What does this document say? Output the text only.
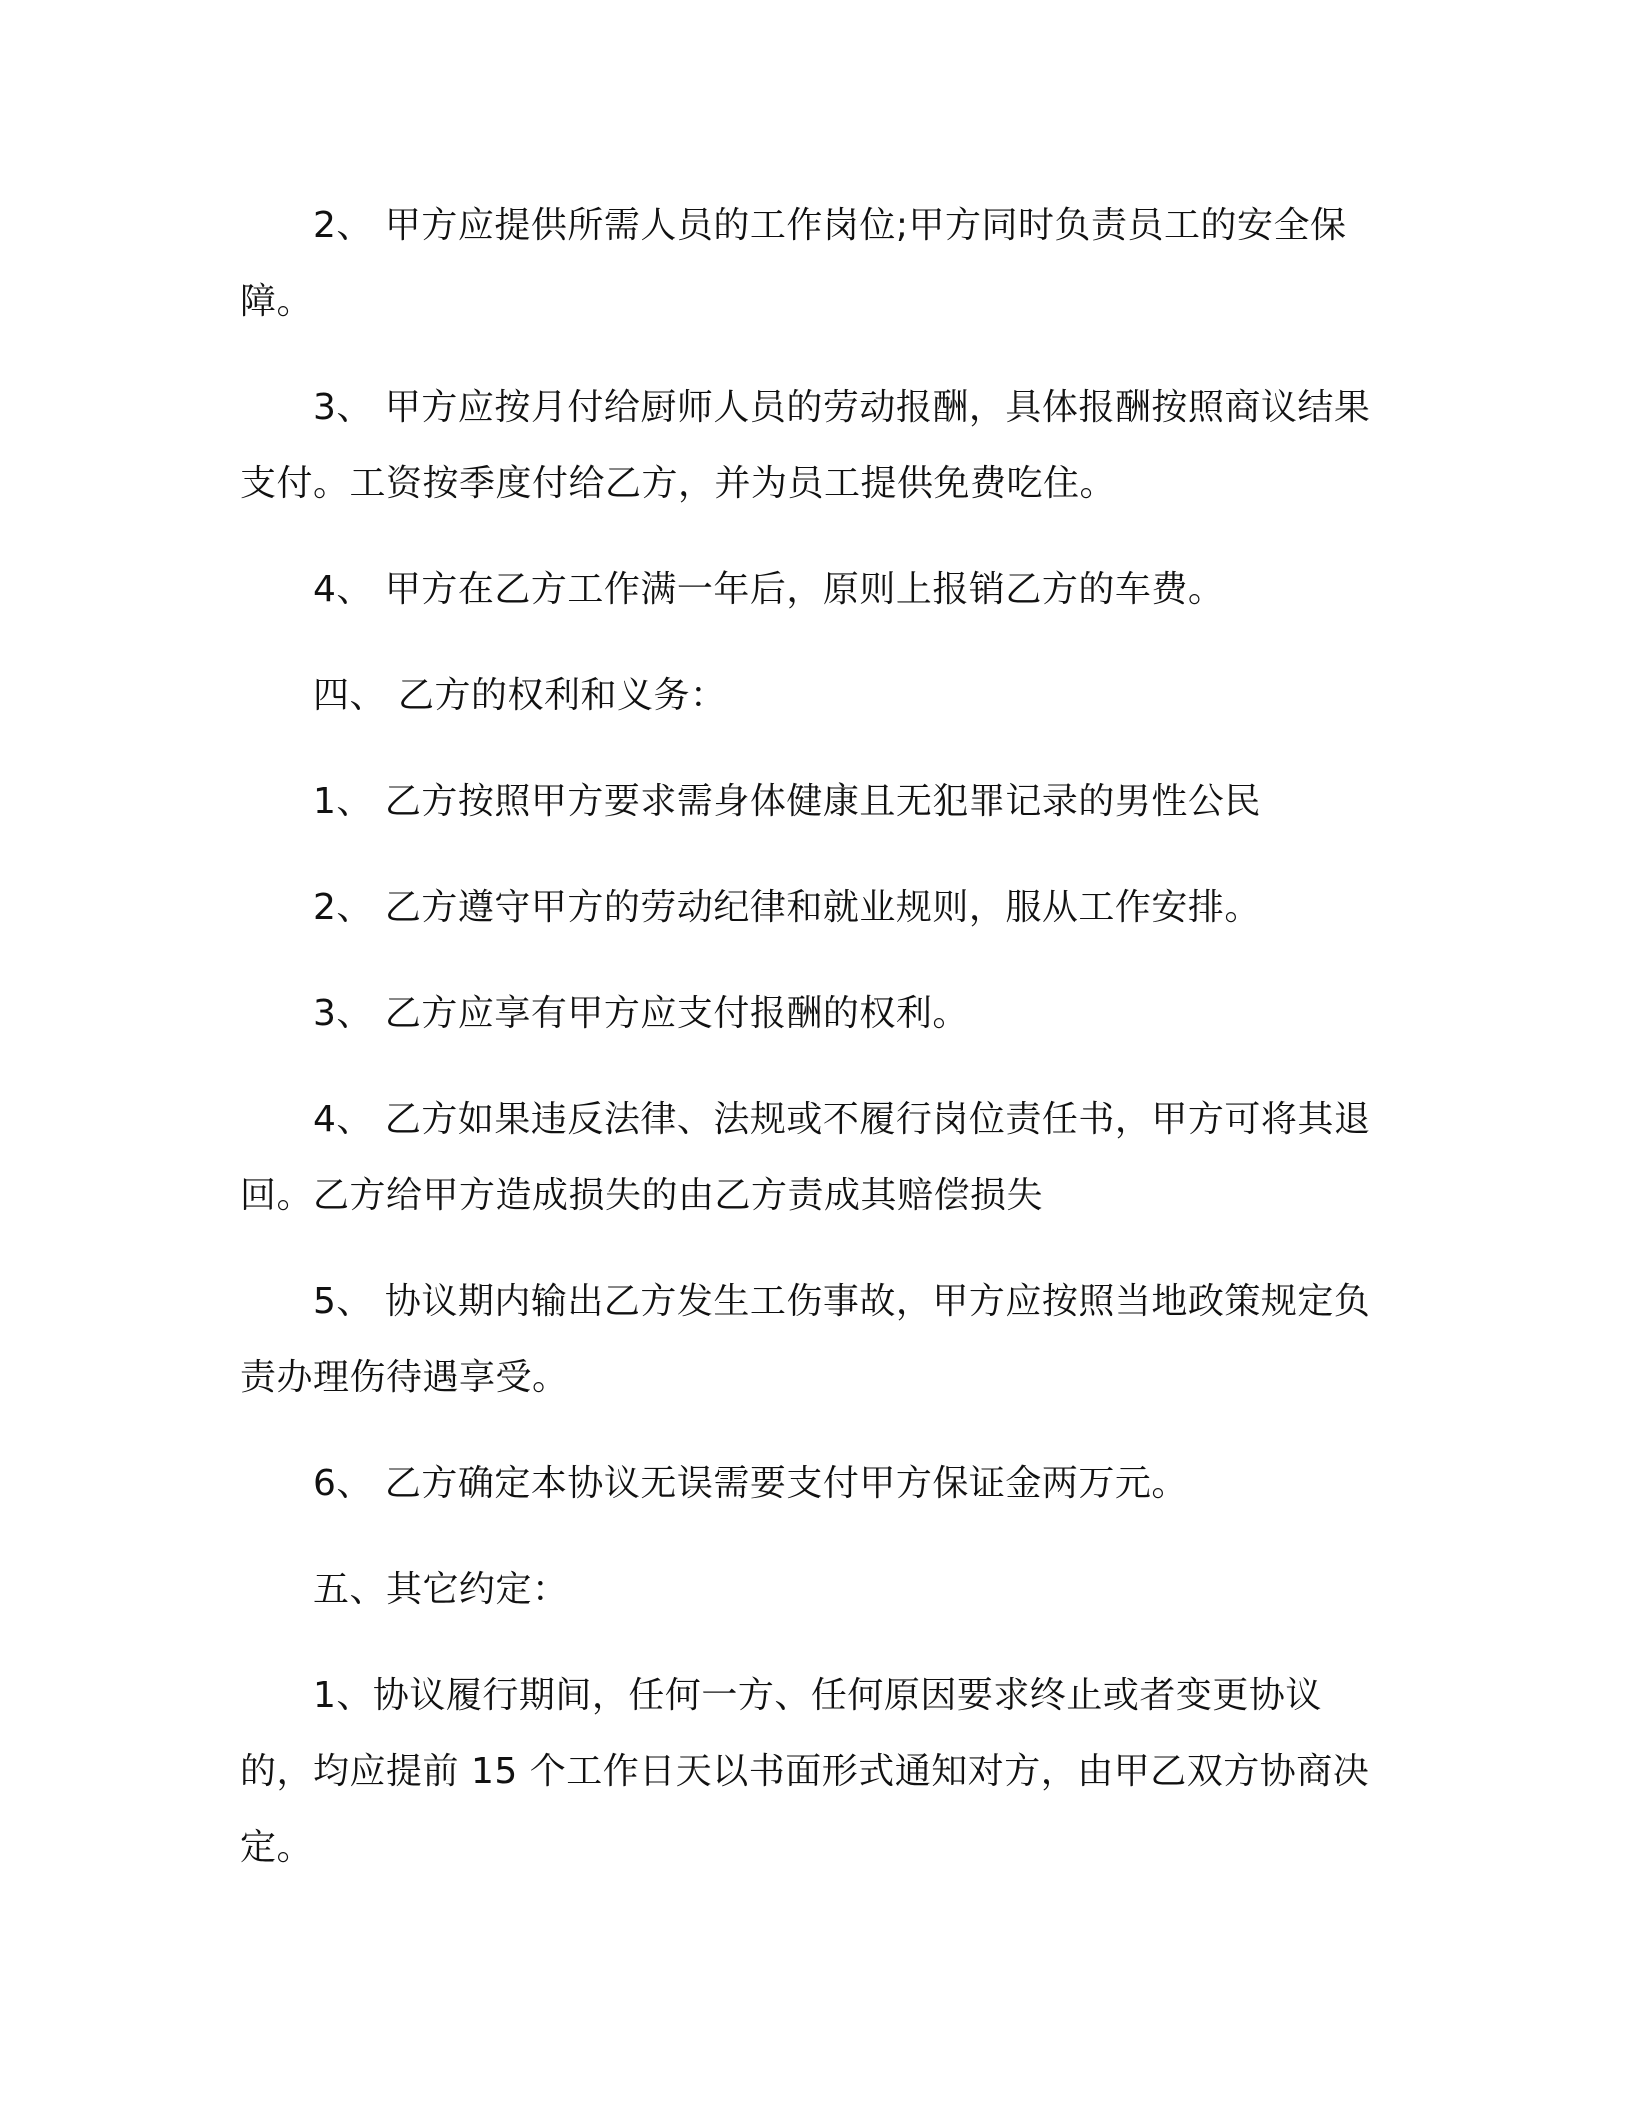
2、 甲方应提供所需人员的工作岗位;甲方同时负责员工的安全保障。

3、 甲方应按月付给厨师人员的劳动报酬，具体报酬按照商议结果支付。工资按季度付给乙方，并为员工提供免费吃住。

4、 甲方在乙方工作满一年后，原则上报销乙方的车费。

四、 乙方的权利和义务：

1、 乙方按照甲方要求需身体健康且无犯罪记录的男性公民

2、 乙方遵守甲方的劳动纪律和就业规则，服从工作安排。

3、 乙方应享有甲方应支付报酬的权利。

4、 乙方如果违反法律、法规或不履行岗位责任书，甲方可将其退回。乙方给甲方造成损失的由乙方责成其赔偿损失

5、 协议期内输出乙方发生工伤事故，甲方应按照当地政策规定负责办理伤待遇享受。

6、 乙方确定本协议无误需要支付甲方保证金两万元。

五、其它约定：

1、协议履行期间，任何一方、任何原因要求终止或者变更协议的，均应提前 15 个工作日天以书面形式通知对方，由甲乙双方协商决定。
